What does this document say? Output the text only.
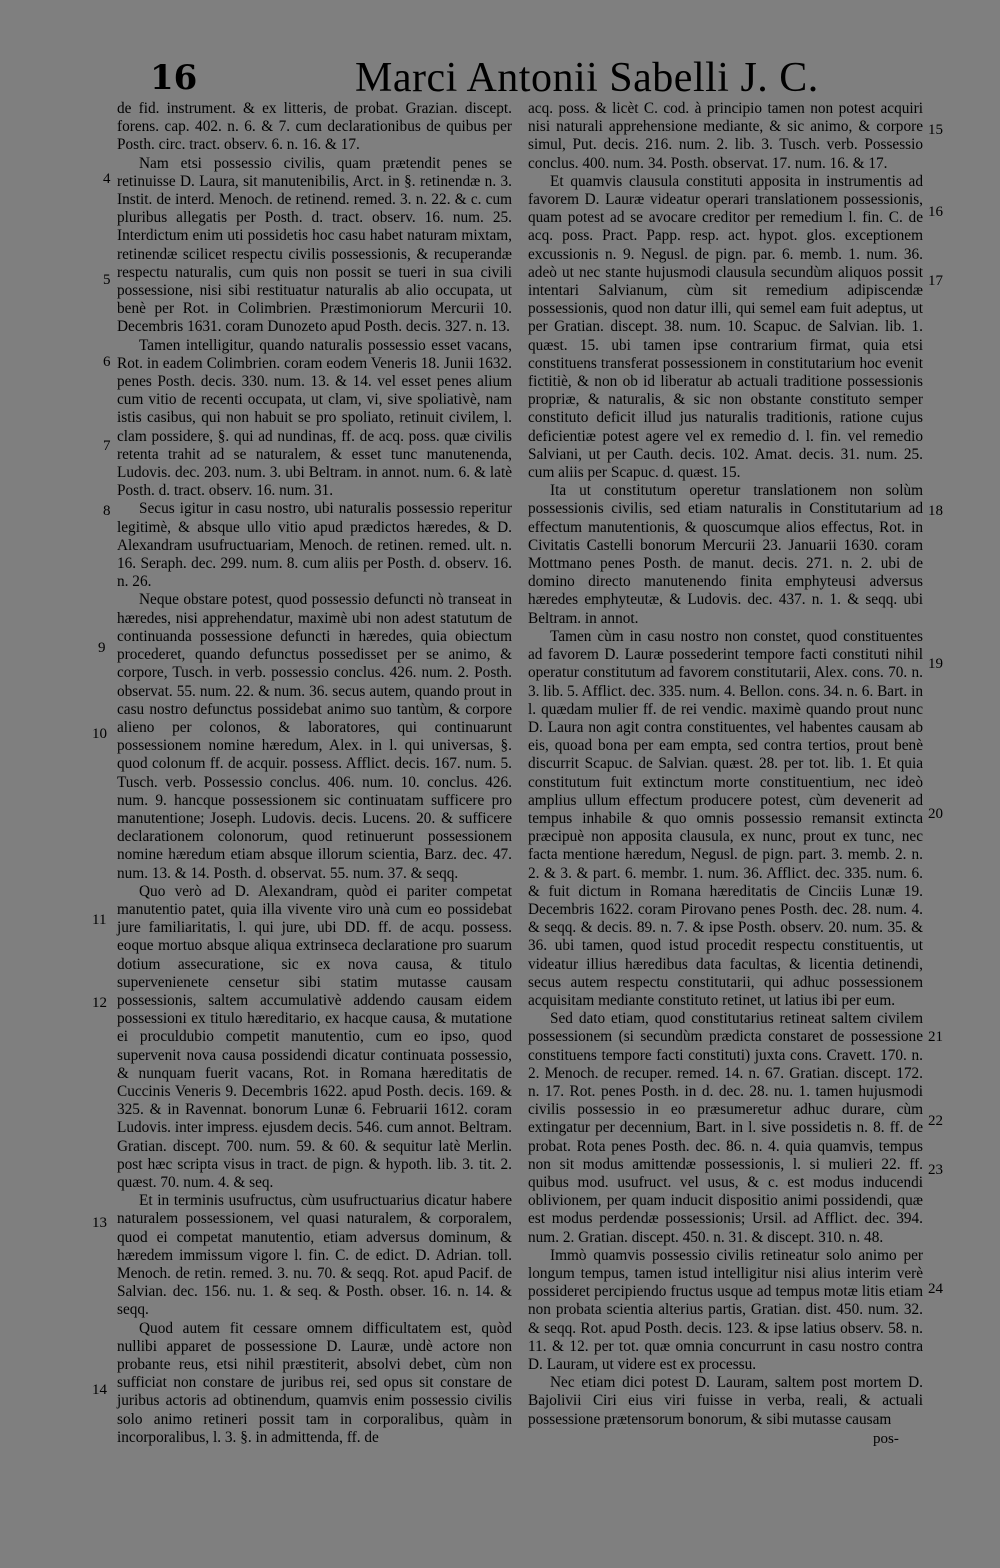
16	Marci Antonii Sabelli J. C.

de fid. instrument. & ex litteris, de probat. Grazian. discept. forens. cap. 402. n. 6. & 7. cum declarationibus de quibus per Posth. circ. tract. observ. 6. n. 16. & 17.

Nam etsi possessio civilis, quam prætendit penes se retinuisse D. Laura, sit manutenibilis, Arct. in §. retinendæ n. 3. Instit. de interd. Menoch. de retinend. remed. 3. n. 22. & c. cum pluribus allegatis per Posth. d. tract. observ. 16. num. 25. Interdictum enim uti possidetis hoc casu habet naturam mixtam, retinendæ scilicet respectu civilis possessionis, & recuperandæ respectu naturalis, cum quis non possit se tueri in sua civili possessione, nisi sibi restituatur naturalis ab alio occupata, ut benè per Rot. in Colimbrien. Præstimoniorum Mercurii 10. Decembris 1631. coram Dunozeto apud Posth. decis. 327. n. 13.

Tamen intelligitur, quando naturalis possessio esset vacans, Rot. in eadem Colimbrien. coram eodem Veneris 18. Junii 1632. penes Posth. decis. 330. num. 13. & 14. vel esset penes alium cum vitio de recenti occupata, ut clam, vi, sive spoliativè, nam istis casibus, qui non habuit se pro spoliato, retinuit civilem, l. clam possidere, §. qui ad nundinas, ff. de acq. poss. quæ civilis retenta trahit ad se naturalem, & esset tunc manutenenda, Ludovis. dec. 203. num. 3. ubi Beltram. in annot. num. 6. & latè Posth. d. tract. observ. 16. num. 31.

Secus igitur in casu nostro, ubi naturalis possessio reperitur legitimè, & absque ullo vitio apud prædictos hæredes, & D. Alexandram usufructuariam, Menoch. de retinen. remed. ult. n. 16. Seraph. dec. 299. num. 8. cum aliis per Posth. d. observ. 16. n. 26.

Neque obstare potest, quod possessio defuncti nò transeat in hæredes, nisi apprehendatur, maximè ubi non adest statutum de continuanda possessione defuncti in hæredes, quia obiectum procederet, quando defunctus possedisset per se animo, & corpore, Tusch. in verb. possessio conclus. 426. num. 2. Posth. observat. 55. num. 22. & num. 36. secus autem, quando prout in casu nostro defunctus possidebat animo suo tantùm, & corpore alieno per colonos, & laboratores, qui continuarunt possessionem nomine hæredum, Alex. in l. qui universas, §. quod colonum ff. de acquir. possess. Afflict. decis. 167. num. 5. Tusch. verb. Possessio conclus. 406. num. 10. conclus. 426. num. 9. hancque possessionem sic continuatam sufficere pro manutentione; Joseph. Ludovis. decis. Lucens. 20. & sufficere declarationem colonorum, quod retinuerunt possessionem nomine hæredum etiam absque illorum scientia, Barz. dec. 47. num. 13. & 14. Posth. d. observat. 55. num. 37. & seqq.

Quo verò ad D. Alexandram, quòd ei pariter competat manutentio patet, quia illa vivente viro unà cum eo possidebat jure familiaritatis, l. qui jure, ubi DD. ff. de acqu. possess. eoque mortuo absque aliqua extrinseca declaratione pro suarum dotium assecuratione, sic ex nova causa, & titulo supervenienete censetur sibi statim mutasse causam possessionis, saltem accumulativè addendo causam eidem possessioni ex titulo hæreditario, ex hacque causa, & mutatione ei proculdubio competit manutentio, cum eo ipso, quod supervenit nova causa possidendi dicatur continuata possessio, & nunquam fuerit vacans, Rot. in Romana hæreditatis de Cuccinis Veneris 9. Decembris 1622. apud Posth. decis. 169. & 325. & in Ravennat. bonorum Lunæ 6. Februarii 1612. coram Ludovis. inter impress. ejusdem decis. 546. cum annot. Beltram. Gratian. discept. 700. num. 59. & 60. & sequitur latè Merlin. post hæc scripta visus in tract. de pign. & hypoth. lib. 3. tit. 2. quæst. 70. num. 4. & seq.

Et in terminis usufructus, cùm usufructuarius dicatur habere naturalem possessionem, vel quasi naturalem, & corporalem, quod ei competat manutentio, etiam adversus dominum, & hæredem immissum vigore l. fin. C. de edict. D. Adrian. toll. Menoch. de retin. remed. 3. nu. 70. & seqq. Rot. apud Pacif. de Salvian. dec. 156. nu. 1. & seq. & Posth. obser. 16. n. 14. & seqq.

Quod autem fit cessare omnem difficultatem est, quòd nullibi apparet de possessione D. Lauræ, undè actore non probante reus, etsi nihil præstiterit, absolvi debet, cùm non sufficiat non constare de juribus rei, sed opus sit constare de juribus actoris ad obtinendum, quamvis enim possessio civilis solo animo retineri possit tam in corporalibus, quàm in incorporalibus, l. 3. §. in admittenda, ff. de

acq. poss. & licèt C. cod. à principio tamen non potest acquiri nisi naturali apprehensione mediante, & sic animo, & corpore simul, Put. decis. 216. num. 2. lib. 3. Tusch. verb. Possessio conclus. 400. num. 34. Posth. observat. 17. num. 16. & 17.

Et quamvis clausula constituti apposita in instrumentis ad favorem D. Lauræ videatur operari translationem possessionis, quam potest ad se avocare creditor per remedium l. fin. C. de acq. poss. Pract. Papp. resp. act. hypot. glos. exceptionem excussionis n. 9. Negusl. de pign. par. 6. memb. 1. num. 36. adeò ut nec stante hujusmodi clausula secundùm aliquos possit intentari Salvianum, cùm sit remedium adipiscendæ possessionis, quod non datur illi, qui semel eam fuit adeptus, ut per Gratian. discept. 38. num. 10. Scapuc. de Salvian. lib. 1. quæst. 15. ubi tamen ipse contrarium firmat, quia etsi constituens transferat possessionem in constitutarium hoc evenit fictitiè, & non ob id liberatur ab actuali traditione possessionis propriæ, & naturalis, & sic non obstante constituto semper constituto deficit illud jus naturalis traditionis, ratione cujus deficientiæ potest agere vel ex remedio d. l. fin. vel remedio Salviani, ut per Cauth. decis. 102. Amat. decis. 31. num. 25. cum aliis per Scapuc. d. quæst. 15.

Ita ut constitutum operetur translationem non solùm possessionis civilis, sed etiam naturalis in Constitutarium ad effectum manutentionis, & quoscumque alios effectus, Rot. in Civitatis Castelli bonorum Mercurii 23. Januarii 1630. coram Mottmano penes Posth. de manut. decis. 271. n. 2. ubi de domino directo manutenendo finita emphyteusi adversus hæredes emphyteutæ, & Ludovis. dec. 437. n. 1. & seqq. ubi Beltram. in annot.

Tamen cùm in casu nostro non constet, quod constituentes ad favorem D. Lauræ possederint tempore facti constituti nihil operatur constitutum ad favorem constitutarii, Alex. cons. 70. n. 3. lib. 5. Afflict. dec. 335. num. 4. Bellon. cons. 34. n. 6. Bart. in l. quædam mulier ff. de rei vendic. maximè quando prout nunc D. Laura non agit contra constituentes, vel habentes causam ab eis, quoad bona per eam empta, sed contra tertios, prout benè discurrit Scapuc. de Salvian. quæst. 28. per tot. lib. 1. Et quia constitutum fuit extinctum morte constituentium, nec ideò amplius ullum effectum producere potest, cùm devenerit ad tempus inhabile & quo omnis possessio remansit extincta præcipuè non apposita clausula, ex nunc, prout ex tunc, nec facta mentione hæredum, Negusl. de pign. part. 3. memb. 2. n. 2. & 3. & part. 6. membr. 1. num. 36. Afflict. dec. 335. num. 6. & fuit dictum in Romana hæreditatis de Cinciis Lunæ 19. Decembris 1622. coram Pirovano penes Posth. dec. 28. num. 4. & seqq. & decis. 89. n. 7. & ipse Posth. observ. 20. num. 35. & 36. ubi tamen, quod istud procedit respectu constituentis, ut videatur illius hæredibus data facultas, & licentia detinendi, secus autem respectu constitutarii, qui adhuc possessionem acquisitam mediante constituto retinet, ut latius ibi per eum.

Sed dato etiam, quod constitutarius retineat saltem civilem possessionem (si secundùm prædicta constaret de possessione constituens tempore facti constituti) juxta cons. Cravett. 170. n. 2. Menoch. de recuper. remed. 14. n. 67. Gratian. discept. 172. n. 17. Rot. penes Posth. in d. dec. 28. nu. 1. tamen hujusmodi civilis possessio in eo præsumeretur adhuc durare, cùm extingatur per decennium, Bart. in l. sive possidetis n. 8. ff. de probat. Rota penes Posth. dec. 86. n. 4. quia quamvis, tempus non sit modus amittendæ possessionis, l. si mulieri 22. ff. quibus mod. usufruct. vel usus, & c. est modus inducendi oblivionem, per quam inducit dispositio animi possidendi, quæ est modus perdendæ possessionis; Ursil. ad Afflict. dec. 394. num. 2. Gratian. discept. 450. n. 31. & discept. 310. n. 48.

Immò quamvis possessio civilis retineatur solo animo per longum tempus, tamen istud intelligitur nisi alius interim verè possideret percipiendo fructus usque ad tempus motæ litis etiam non probata scientia alterius partis, Gratian. dist. 450. num. 32. & seqq. Rot. apud Posth. decis. 123. & ipse latius observ. 58. n. 11. & 12. per tot. quæ omnia concurrunt in casu nostro contra D. Lauram, ut videre est ex processu.

Nec etiam dici potest D. Lauram, saltem post mortem D. Bajolivii Ciri eius viri fuisse in verba, reali, & actuali possessione prætensorum bonorum, & sibi mutasse causam

4
5
6
7
8
9
10
11
12
13
14
15
16
17
18
19
20
21
22
23
24
pos-
